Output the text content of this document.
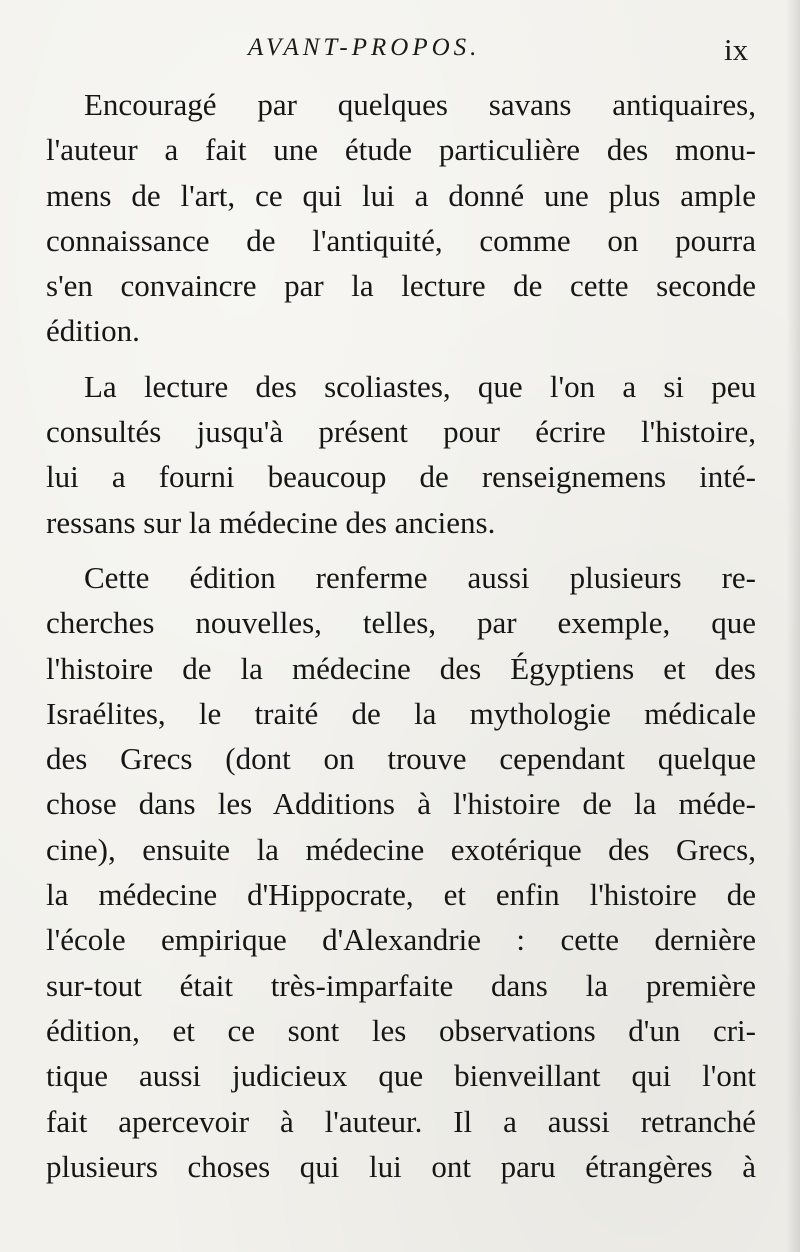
AVANT-PROPOS.	ix
Encouragé par quelques savans antiquaires,
l'auteur a fait une étude particulière des monu-
mens de l'art, ce qui lui a donné une plus ample
connaissance de l'antiquité, comme on pourra
s'en convaincre par la lecture de cette seconde
édition.
La lecture des scoliastes, que l'on a si peu
consultés jusqu'à présent pour écrire l'histoire,
lui a fourni beaucoup de renseignemens inté-
ressans sur la médecine des anciens.
Cette édition renferme aussi plusieurs re-
cherches nouvelles, telles, par exemple, que
l'histoire de la médecine des Égyptiens et des
Israélites, le traité de la mythologie médicale
des Grecs (dont on trouve cependant quelque
chose dans les Additions à l'histoire de la méde-
cine), ensuite la médecine exotérique des Grecs,
la médecine d'Hippocrate, et enfin l'histoire de
l'école empirique d'Alexandrie : cette dernière
sur-tout était très-imparfaite dans la première
édition, et ce sont les observations d'un cri-
tique aussi judicieux que bienveillant qui l'ont
fait apercevoir à l'auteur. Il a aussi retranché
plusieurs choses qui lui ont paru étrangères à
